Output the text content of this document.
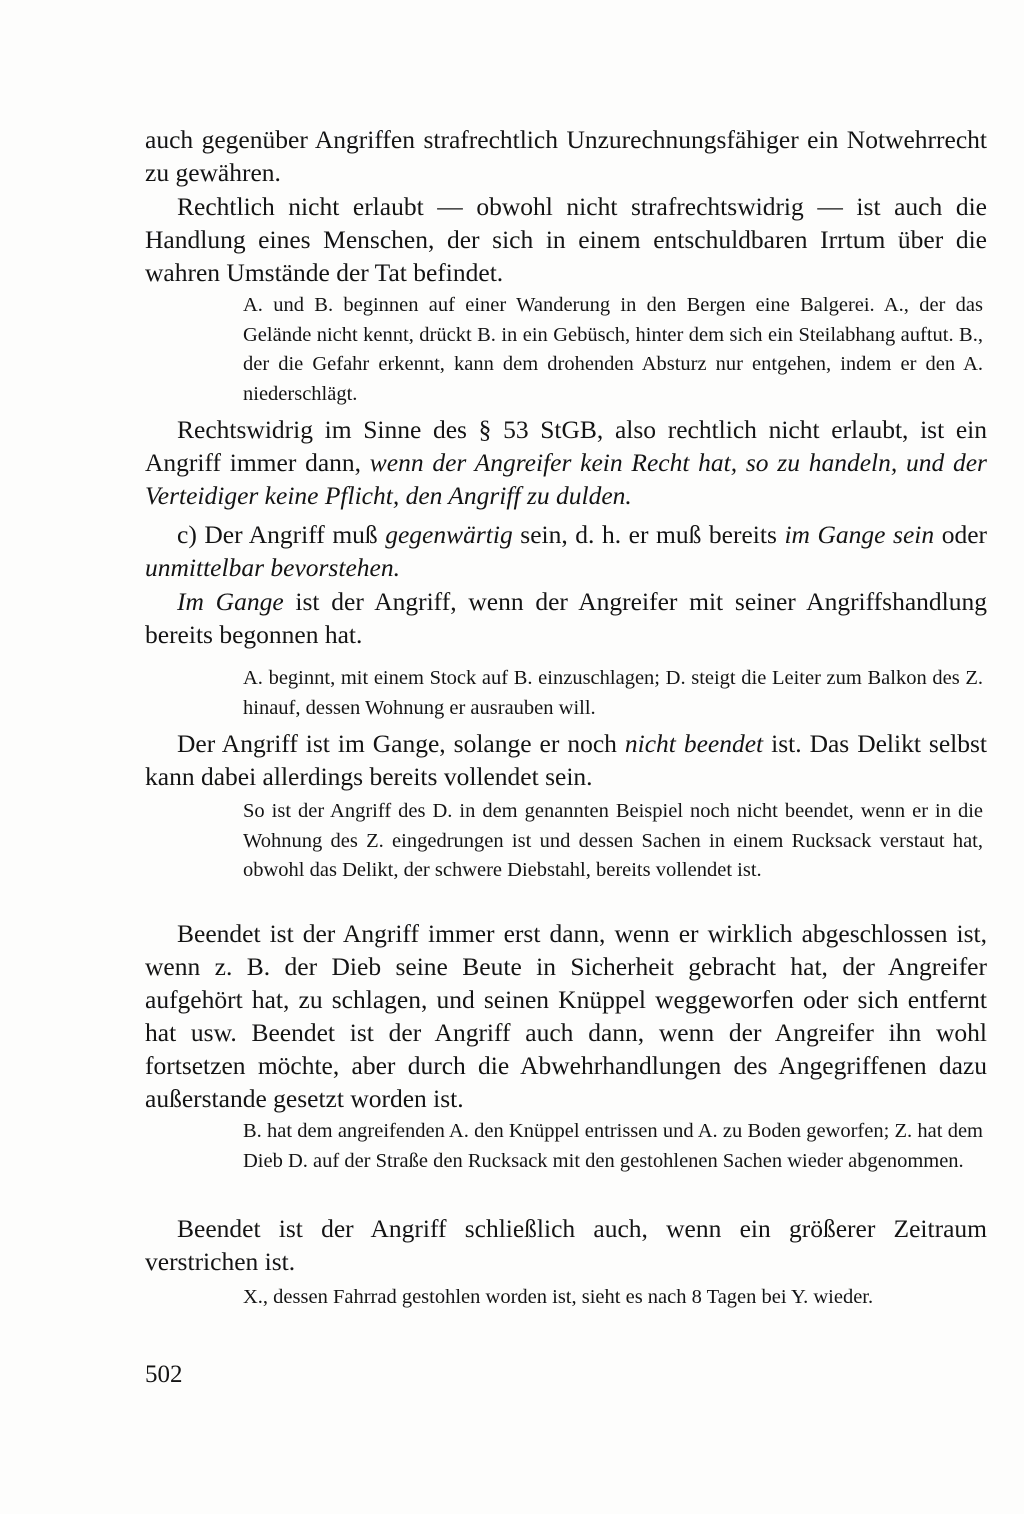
auch gegenüber Angriffen strafrechtlich Unzurechnungsfähiger ein Notwehrrecht zu gewähren.

Rechtlich nicht erlaubt — obwohl nicht strafrechtswidrig — ist auch die Handlung eines Menschen, der sich in einem entschuldbaren Irrtum über die wahren Umstände der Tat befindet.

A. und B. beginnen auf einer Wanderung in den Bergen eine Balgerei. A., der das Gelände nicht kennt, drückt B. in ein Gebüsch, hinter dem sich ein Steilabhang auftut. B., der die Gefahr erkennt, kann dem drohenden Absturz nur entgehen, indem er den A. niederschlägt.

Rechtswidrig im Sinne des § 53 StGB, also rechtlich nicht erlaubt, ist ein Angriff immer dann, wenn der Angreifer kein Recht hat, so zu handeln, und der Verteidiger keine Pflicht, den Angriff zu dulden.

c) Der Angriff muß gegenwärtig sein, d. h. er muß bereits im Gange sein oder unmittelbar bevorstehen.

Im Gange ist der Angriff, wenn der Angreifer mit seiner Angriffshandlung bereits begonnen hat.

A. beginnt, mit einem Stock auf B. einzuschlagen; D. steigt die Leiter zum Balkon des Z. hinauf, dessen Wohnung er ausrauben will.

Der Angriff ist im Gange, solange er noch nicht beendet ist. Das Delikt selbst kann dabei allerdings bereits vollendet sein.

So ist der Angriff des D. in dem genannten Beispiel noch nicht beendet, wenn er in die Wohnung des Z. eingedrungen ist und dessen Sachen in einem Rucksack verstaut hat, obwohl das Delikt, der schwere Diebstahl, bereits vollendet ist.

Beendet ist der Angriff immer erst dann, wenn er wirklich abgeschlossen ist, wenn z. B. der Dieb seine Beute in Sicherheit gebracht hat, der Angreifer aufgehört hat, zu schlagen, und seinen Knüppel weggeworfen oder sich entfernt hat usw. Beendet ist der Angriff auch dann, wenn der Angreifer ihn wohl fortsetzen möchte, aber durch die Abwehrhandlungen des Angegriffenen dazu außerstande gesetzt worden ist.

B. hat dem angreifenden A. den Knüppel entrissen und A. zu Boden geworfen; Z. hat dem Dieb D. auf der Straße den Rucksack mit den gestohlenen Sachen wieder abgenommen.

Beendet ist der Angriff schließlich auch, wenn ein größerer Zeitraum verstrichen ist.

X., dessen Fahrrad gestohlen worden ist, sieht es nach 8 Tagen bei Y. wieder.

502
